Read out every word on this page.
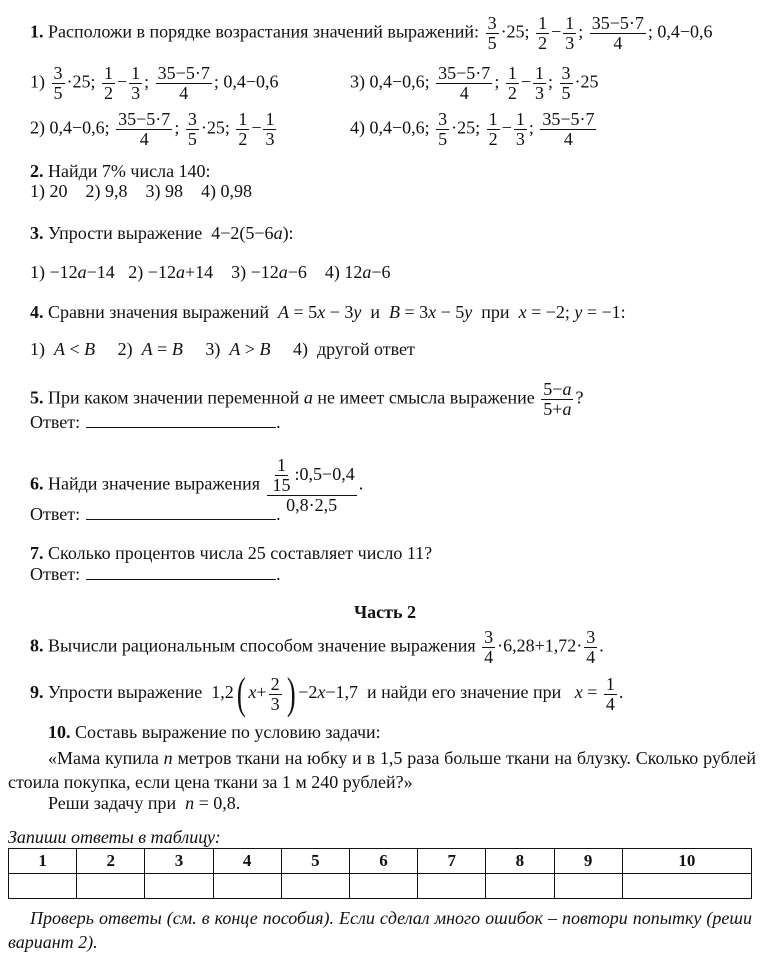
1. Расположи в порядке возрастания значений выражений: $\frac{3}{5} \cdot 25$; $\frac{1}{2} - \frac{1}{3}$ ; $\frac{35-5\cdot 7}{4}$ ; 0,4−0,6
$1) \frac{3}{5} \cdot 25$; $\frac{1}{2} - \frac{1}{3}$ ; $\frac{35-5\cdot 7}{4}$ ; 0,4−0,6	3) 0,4−0,6; $\frac{35-5\cdot 7}{4}$ ; $\frac{1}{2} - \frac{1}{3}$ ; $\frac{3}{5} \cdot 25$
2) 0,4−0,6; $\frac{35-5\cdot 7}{4}$ ; $\frac{3}{5} \cdot 25$; $\frac{1}{2} - \frac{1}{3}$	4) 0,4−0,6; $\frac{3}{5} \cdot 25$; $\frac{1}{2} - \frac{1}{3}$ ; $\frac{35-5\cdot 7}{4}$
2. Найди 7% числа 140:
1) 20    2) 9,8    3) 98    4) 0,98
3. Упрости выражение  4−2(5−6a):
1) −12a−14   2) −12a+14    3) −12a−6    4) 12a−6
4. Сравни значения выражений  A = 5x − 3y  и  B = 3x − 5y  при  x = −2; y = −1:
1)  A < B     2)  A = B     3)  A > B     4)  другой ответ
5. При каком значении переменной a не имеет смысла выражение $\frac{5-a}{5+a}$ ?
Ответ:	.
6. Найди значение выражения $\frac{\frac{1}{15} :0,5-0,4}{0,8\cdot 2,5}$ .
Ответ:	.
7. Сколько процентов числа 25 составляет число 11?
Ответ:	.
Часть 2
8. Вычисли рациональным способом значение выражения $\frac{3}{4} \cdot 6,28+1,72\cdot \frac{3}{4}$ .
9. Упрости выражение  1,2( $x+ \frac{2}{3}$ ) −2x−1,7  и найди его значение при   $x = \frac{1}{4}$ .
10. Составь выражение по условию задачи:
«Мама купила n метров ткани на юбку и в 1,5 раза больше ткани на блузку. Сколько рублей стоила покупка, если цена ткани за 1 м 240 рублей?»
Реши задачу при  n = 0,8.
Запиши ответы в таблицу:
1	2	3	4	5	6	7	8	9	10

Проверь ответы (см. в конце пособия). Если сделал много ошибок – повтори попытку (реши вариант 2).
